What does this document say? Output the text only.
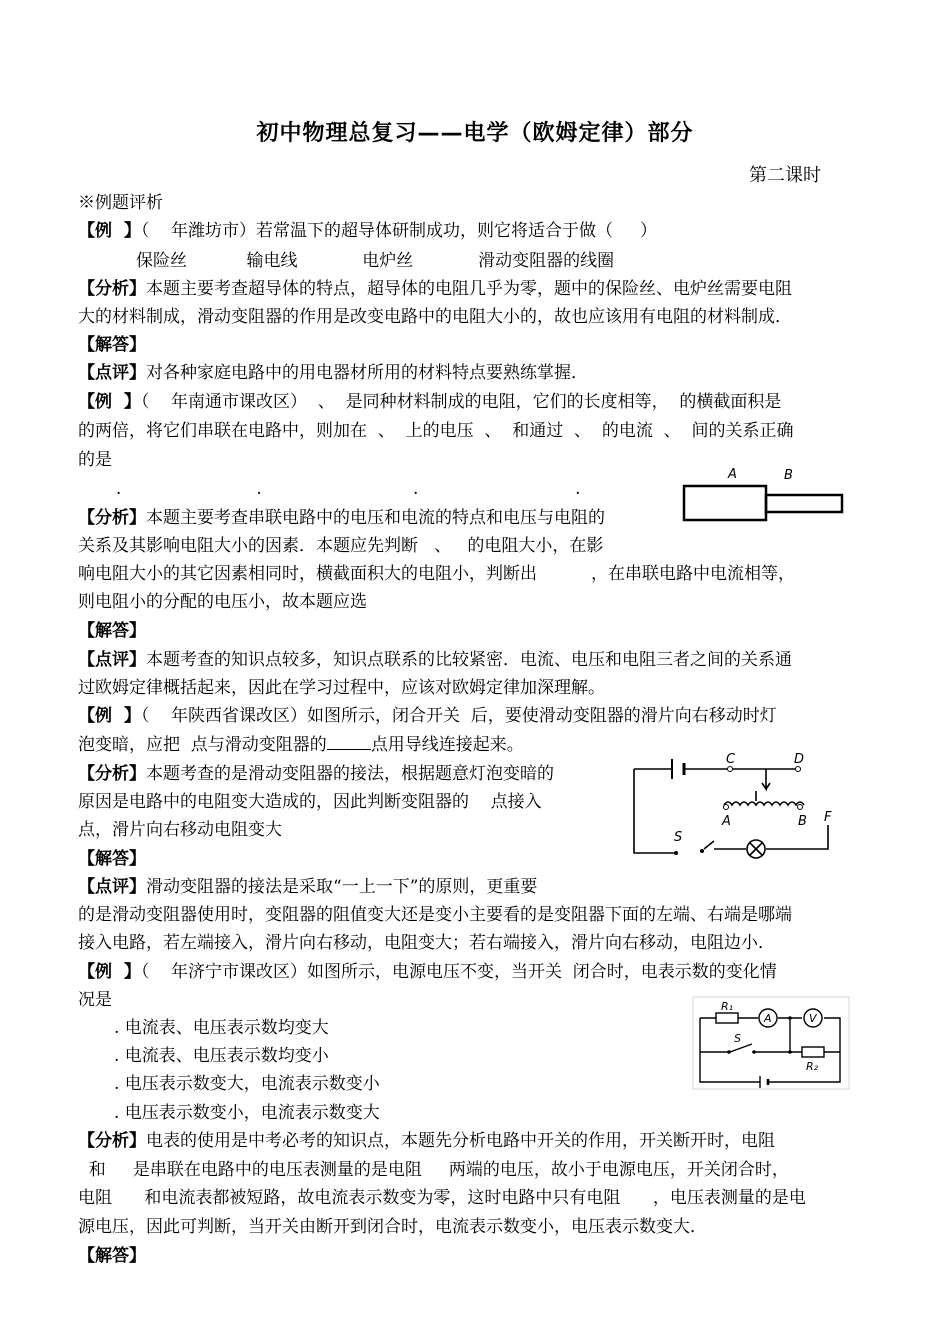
初中物理总复习——电学（欧姆定律）部分
第二课时
※例题评析
【例  】（    年潍坊市）若常温下的超导体研制成功，则它将适合于做（     ）
保险丝           输电线            电炉丝            滑动变阻器的线圈
【分析】本题主要考查超导体的特点，超导体的电阻几乎为零，题中的保险丝、电炉丝需要电阻
大的材料制成，滑动变阻器的作用是改变电路中的电阻大小的，故也应该用有电阻的材料制成．
【解答】
【点评】对各种家庭电路中的用电器材所用的材料特点要熟练掌握．
【例  】（    年南通市课改区）  、  是同种材料制成的电阻，它们的长度相等，  的横截面积是
的两倍，将它们串联在电路中，则加在  、  上的电压  、  和通过  、  的电流  、  间的关系正确
的是
.                         .                            .                             .
【分析】本题主要考查串联电路中的电压和电流的特点和电压与电阻的
关系及其影响电阻大小的因素．本题应先判断   、   的电阻大小，在影
响电阻大小的其它因素相同时，横截面积大的电阻小，判断出          ，在串联电路中电流相等，
则电阻小的分配的电压小，故本题应选
【解答】
【点评】本题考查的知识点较多，知识点联系的比较紧密．电流、电压和电阻三者之间的关系通
过欧姆定律概括起来，因此在学习过程中，应该对欧姆定律加深理解。
A	B
【例  】（    年陕西省课改区）如图所示，闭合开关  后，要使滑动变阻器的滑片向右移动时灯
泡变暗，应把  点与滑动变阻器的	点用导线连接起来。
【分析】本题考查的是滑动变阻器的接法，根据题意灯泡变暗的
原因是电路中的电阻变大造成的，因此判断变阻器的    点接入
点，滑片向右移动电阻变大
【解答】
【点评】滑动变阻器的接法是采取“一上一下”的原则，更重要
的是滑动变阻器使用时，变阻器的阻值变大还是变小主要看的是变阻器下面的左端、右端是哪端
接入电路，若左端接入，滑片向右移动，电阻变大；若右端接入，滑片向右移动，电阻边小．
C	D
A	B F
S
【例  】（    年济宁市课改区）如图所示，电源电压不变，当开关  闭合时，电表示数的变化情
况是
. 电流表、电压表示数均变大
. 电流表、电压表示数均变小
. 电压表示数变大，电流表示数变小
. 电压表示数变小，电流表示数变大
【分析】电表的使用是中考必考的知识点，本题先分析电路中开关的作用，开关断开时，电阻
和     是串联在电路中的电压表测量的是电阻     两端的电压，故小于电源电压，开关闭合时，
电阻      和电流表都被短路，故电流表示数变为零，这时电路中只有电阻      ，电压表测量的是电
源电压，因此可判断，当开关由断开到闭合时，电流表示数变小，电压表示数变大．
【解答】
R₁
A	V
S
R₂
